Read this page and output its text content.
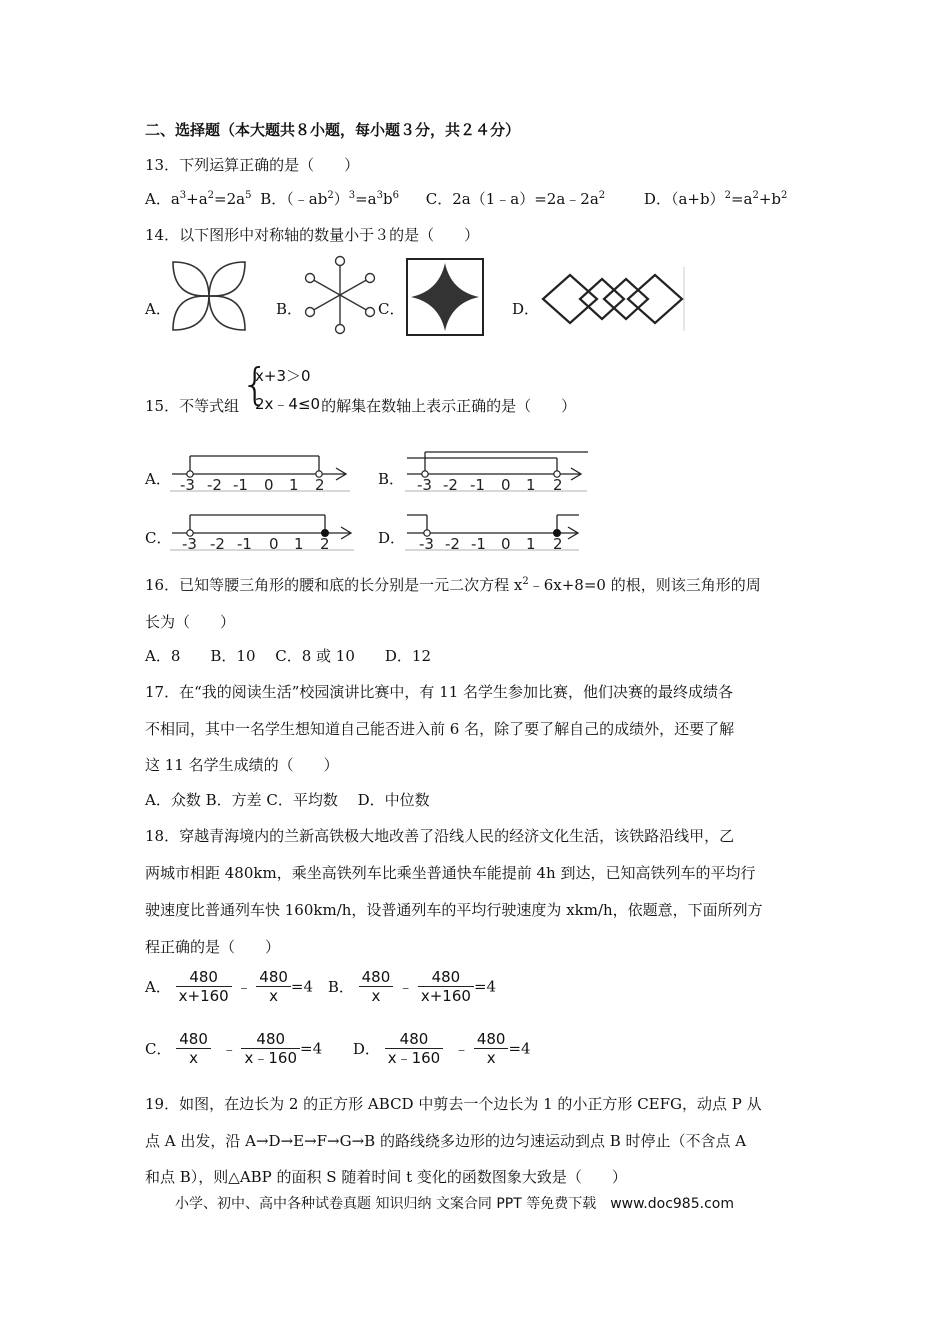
二、选择题（本大题共８小题，每小题３分，共２４分）
13．下列运算正确的是（　　）
A．$a^3+a^2=2a^5$ B．$(﹣ab^2)^3=a^3b^6$ C．$2a(1﹣a)=2a﹣2a^2$	D．$(a+b)^2=a^2+b^2$
14．以下图形中对称轴的数量小于３的是（　　）
A．	B．	C．	D．
15．不等式组	的解集在数轴上表示正确的是（　　）
{
x+3＞0
2x﹣4≤0
A． -3 -2 -1 0 1 2	B． -3 -2 -1 0 1 2
C． -3 -2 -1 0 1 2	D． -3 -2 -1 0 1 2
16．已知等腰三角形的腰和底的长分别是一元二次方程 $x^2﹣6x+8=0$ 的根，则该三角形的周
长为（　　）
A．8　　B．10　 C．8 或 10　　D．12
17．在“我的阅读生活”校园演讲比赛中，有 11 名学生参加比赛，他们决赛的最终成绩各
不相同，其中一名学生想知道自己能否进入前 6 名，除了要了解自己的成绩外，还要了解
这 11 名学生成绩的（　　）
A．众数 B．方差 C．平均数　 D．中位数
18．穿越青海境内的兰新高铁极大地改善了沿线人民的经济文化生活，该铁路沿线甲，乙
两城市相距 480km，乘坐高铁列车比乘坐普通快车能提前 4h 到达，已知高铁列车的平均行
驶速度比普通列车快 160km/h，设普通列车的平均行驶速度为 xkm/h，依题意，下面所列方
程正确的是（　　）
A． $\frac{480}{x+160}$ ﹣ $\frac{480}{x} =4$ B． $\frac{480}{x}$ ﹣ $\frac{480}{x+160} =4$
C． $\frac{480}{x}$ ﹣ $\frac{480}{x﹣160} =4$ D． $\frac{480}{x﹣160}$ ﹣ $\frac{480}{x} =4$
19．如图，在边长为 2 的正方形 ABCD 中剪去一个边长为 1 的小正方形 CEFG，动点 P 从
点 A 出发，沿 A→D→E→F→G→B 的路线绕多边形的边匀速运动到点 B 时停止（不含点 A
和点 B），则△ABP 的面积 S 随着时间 t 变化的函数图象大致是（　　）
小学、初中、高中各种试卷真题 知识归纳 文案合同 PPT 等免费下载　www.doc985.com
